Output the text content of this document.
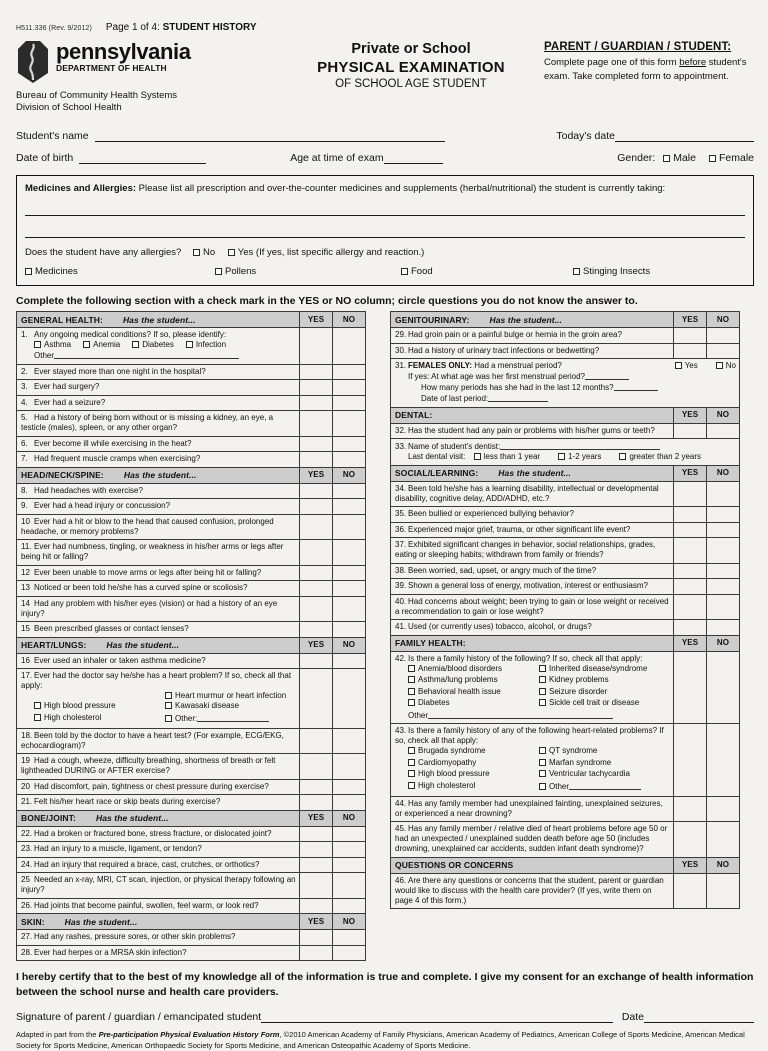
H511.336 (Rev. 9/2012) Page 1 of 4: STUDENT HISTORY
pennsylvania
DEPARTMENT OF HEALTH
Bureau of Community Health Systems
Division of School Health
Private or School
PHYSICAL EXAMINATION
OF SCHOOL AGE STUDENT
PARENT / GUARDIAN / STUDENT:
Complete page one of this form before student's exam. Take completed form to appointment.
Student's name	Today's date
Date of birth	Age at time of exam	Gender:	Male	Female
Medicines and Allergies: Please list all prescription and over-the-counter medicines and supplements (herbal/nutritional) the student is currently taking:
Does the student have any allergies? No Yes (If yes, list specific allergy and reaction.)
Medicines	Pollens	Food	Stinging Insects
Complete the following section with a check mark in the YES or NO column; circle questions you do not know the answer to.
GENERAL HEALTH: Has the student...	YES	NO
1. Any ongoing medical conditions? If so, please identify:
Asthma	Anemia	Diabetes	Infection
Other

2. Ever stayed more than one night in the hospital?		
3. Ever had surgery?		
4. Ever had a seizure?		
5. Had a history of being born without or is missing a kidney, an eye, a testicle (males), spleen, or any other organ?		
6. Ever become ill while exercising in the heat?		
7. Had frequent muscle cramps when exercising?		
HEAD/NECK/SPINE: Has the student...	YES	NO
8. Had headaches with exercise?		
9. Ever had a head injury or concussion?		
10 Ever had a hit or blow to the head that caused confusion, prolonged headache, or memory problems?		
11. Ever had numbness, tingling, or weakness in his/her arms or legs after being hit or falling?		
12 Ever been unable to move arms or legs after being hit or falling?		
13 Noticed or been told he/she has a curved spine or scoliosis?		
14 Had any problem with his/her eyes (vision) or had a history of an eye injury?		
15 Been prescribed glasses or contact lenses?		
HEART/LUNGS: Has the student...	YES	NO
16 Ever used an inhaler or taken asthma medicine?		
17. Ever had the doctor say he/she has a heart problem? If so, check all that apply:
Heart murmur or heart infection
High blood pressure
High cholesterol
Kawasaki disease
Other:

18. Been told by the doctor to have a heart test? (For example, ECG/EKG, echocardiogram)?		
19 Had a cough, wheeze, difficulty breathing, shortness of breath or felt lightheaded DURING or AFTER exercise?		
20 Had discomfort, pain, tightness or chest pressure during exercise?		
21. Felt his/her heart race or skip beats during exercise?		
BONE/JOINT: Has the student...	YES	NO
22. Had a broken or fractured bone, stress fracture, or dislocated joint?		
23. Had an injury to a muscle, ligament, or tendon?		
24. Had an injury that required a brace, cast, crutches, or orthotics?		
25 Needed an x-ray, MRI, CT scan, injection, or physical therapy following an injury?		
26. Had joints that become painful, swollen, feel warm, or look red?		
SKIN: Has the student...	YES	NO
27. Had any rashes, pressure sores, or other skin problems?		
28. Ever had herpes or a MRSA skin infection?		
GENITOURINARY: Has the student...	YES	NO
29. Had groin pain or a painful bulge or hernia in the groin area?		
30. Had a history of urinary tract infections or bedwetting?		

31. FEMALES ONLY: Had a menstrual period? Yes No
If yes: At what age was her first menstrual period?
How many periods has she had in the last 12 months?
Date of last period:		

DENTAL:	YES	NO
32. Has the student had any pain or problems with his/her gums or teeth?		
33. Name of student's dentist:
Last dental visit: less than 1 year 1-2 years greater than 2 years		

SOCIAL/LEARNING: Has the student...	YES	NO
34. Been told he/she has a learning disability, intellectual or developmental disability, cognitive delay, ADD/ADHD, etc.?		
35. Been bullied or experienced bullying behavior?		
36. Experienced major grief, trauma, or other significant life event?		
37. Exhibited significant changes in behavior, social relationships, grades, eating or sleeping habits; withdrawn from family or friends?		
38. Been worried, sad, upset, or angry much of the time?		
39. Shown a general loss of energy, motivation, interest or enthusiasm?		
40. Had concerns about weight; been trying to gain or lose weight or received a recommendation to gain or lose weight?		
41. Used (or currently uses) tobacco, alcohol, or drugs?		
FAMILY HEALTH:	YES	NO
42. Is there a family history of the following? If so, check all that apply:
Anemia/blood disorders
Asthma/lung problems
Behavioral health issue
Diabetes
Inherited disease/syndrome
Kidney problems
Seizure disorder
Sickle cell trait or disease
Other

43. Is there a family history of any of the following heart-related problems? If so, check all that apply:
Brugada syndrome
Cardiomyopathy
High blood pressure
High cholesterol
QT syndrome
Marfan syndrome
Ventricular tachycardia
Other

44. Has any family member had unexplained fainting, unexplained seizures, or experienced a near drowning?		
45. Has any family member / relative died of heart problems before age 50 or had an unexpected / unexplained sudden death before age 50 (includes drowning, unexplained car accidents, sudden infant death syndrome)?		
QUESTIONS OR CONCERNS	YES	NO
46. Are there any questions or concerns that the student, parent or guardian would like to discuss with the health care provider? (If yes, write them on page 4 of this form.)		
I hereby certify that to the best of my knowledge all of the information is true and complete. I give my consent for an exchange of health information between the school nurse and health care providers.
Signature of parent / guardian / emancipated student	Date
Adapted in part from the Pre-participation Physical Evaluation History Form, ©2010 American Academy of Family Physicians, American Academy of Pediatrics, American College of Sports Medicine, American Medical Society for Sports Medicine, American Orthopaedic Society for Sports Medicine, and American Osteopathic Academy of Sports Medicine.
